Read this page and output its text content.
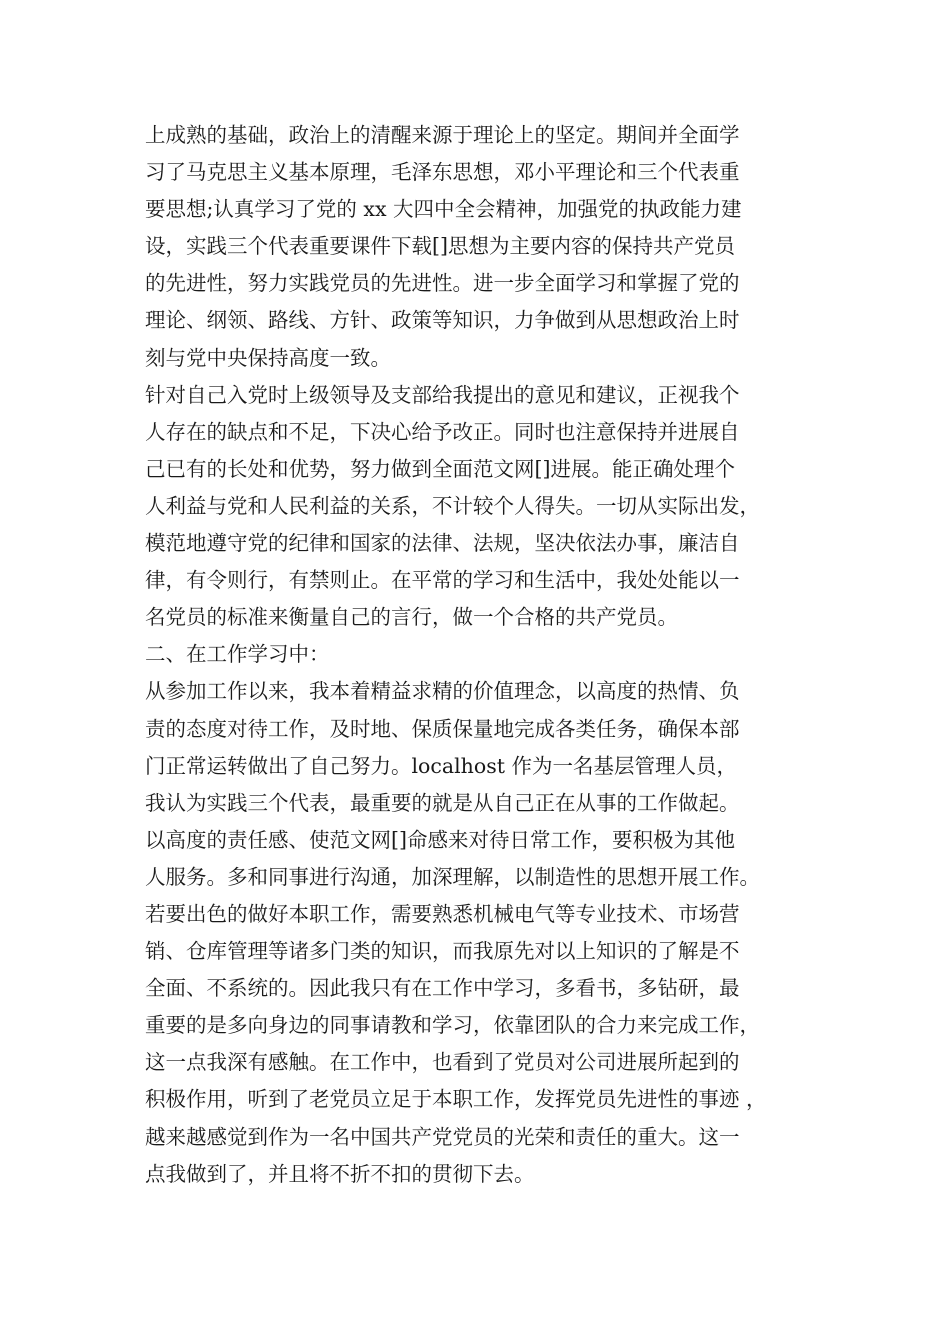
上成熟的基础，政治上的清醒来源于理论上的坚定。期间并全面学
习了马克思主义基本原理，毛泽东思想，邓小平理论和三个代表重
要思想;认真学习了党的 xx 大四中全会精神，加强党的执政能力建
设，实践三个代表重要课件下载[]思想为主要内容的保持共产党员
的先进性，努力实践党员的先进性。进一步全面学习和掌握了党的
理论、纲领、路线、方针、政策等知识，力争做到从思想政治上时
刻与党中央保持高度一致。
针对自己入党时上级领导及支部给我提出的意见和建议，正视我个
人存在的缺点和不足，下决心给予改正。同时也注意保持并进展自
己已有的长处和优势，努力做到全面范文网[]进展。能正确处理个
人利益与党和人民利益的关系，不计较个人得失。一切从实际出发，
模范地遵守党的纪律和国家的法律、法规，坚决依法办事，廉洁自
律，有令则行，有禁则止。在平常的学习和生活中，我处处能以一
名党员的标准来衡量自己的言行，做一个合格的共产党员。
二、在工作学习中：
从参加工作以来，我本着精益求精的价值理念，以高度的热情、负
责的态度对待工作，及时地、保质保量地完成各类任务，确保本部
门正常运转做出了自己努力。localhost 作为一名基层管理人员，
我认为实践三个代表，最重要的就是从自己正在从事的工作做起。
以高度的责任感、使范文网[]命感来对待日常工作，要积极为其他
人服务。多和同事进行沟通，加深理解，以制造性的思想开展工作。
若要出色的做好本职工作，需要熟悉机械电气等专业技术、市场营
销、仓库管理等诸多门类的知识，而我原先对以上知识的了解是不
全面、不系统的。因此我只有在工作中学习，多看书，多钻研，最
重要的是多向身边的同事请教和学习，依靠团队的合力来完成工作，
这一点我深有感触。在工作中，也看到了党员对公司进展所起到的
积极作用，听到了老党员立足于本职工作，发挥党员先进性的事迹 ，
越来越感觉到作为一名中国共产党党员的光荣和责任的重大。这一
点我做到了，并且将不折不扣的贯彻下去。
